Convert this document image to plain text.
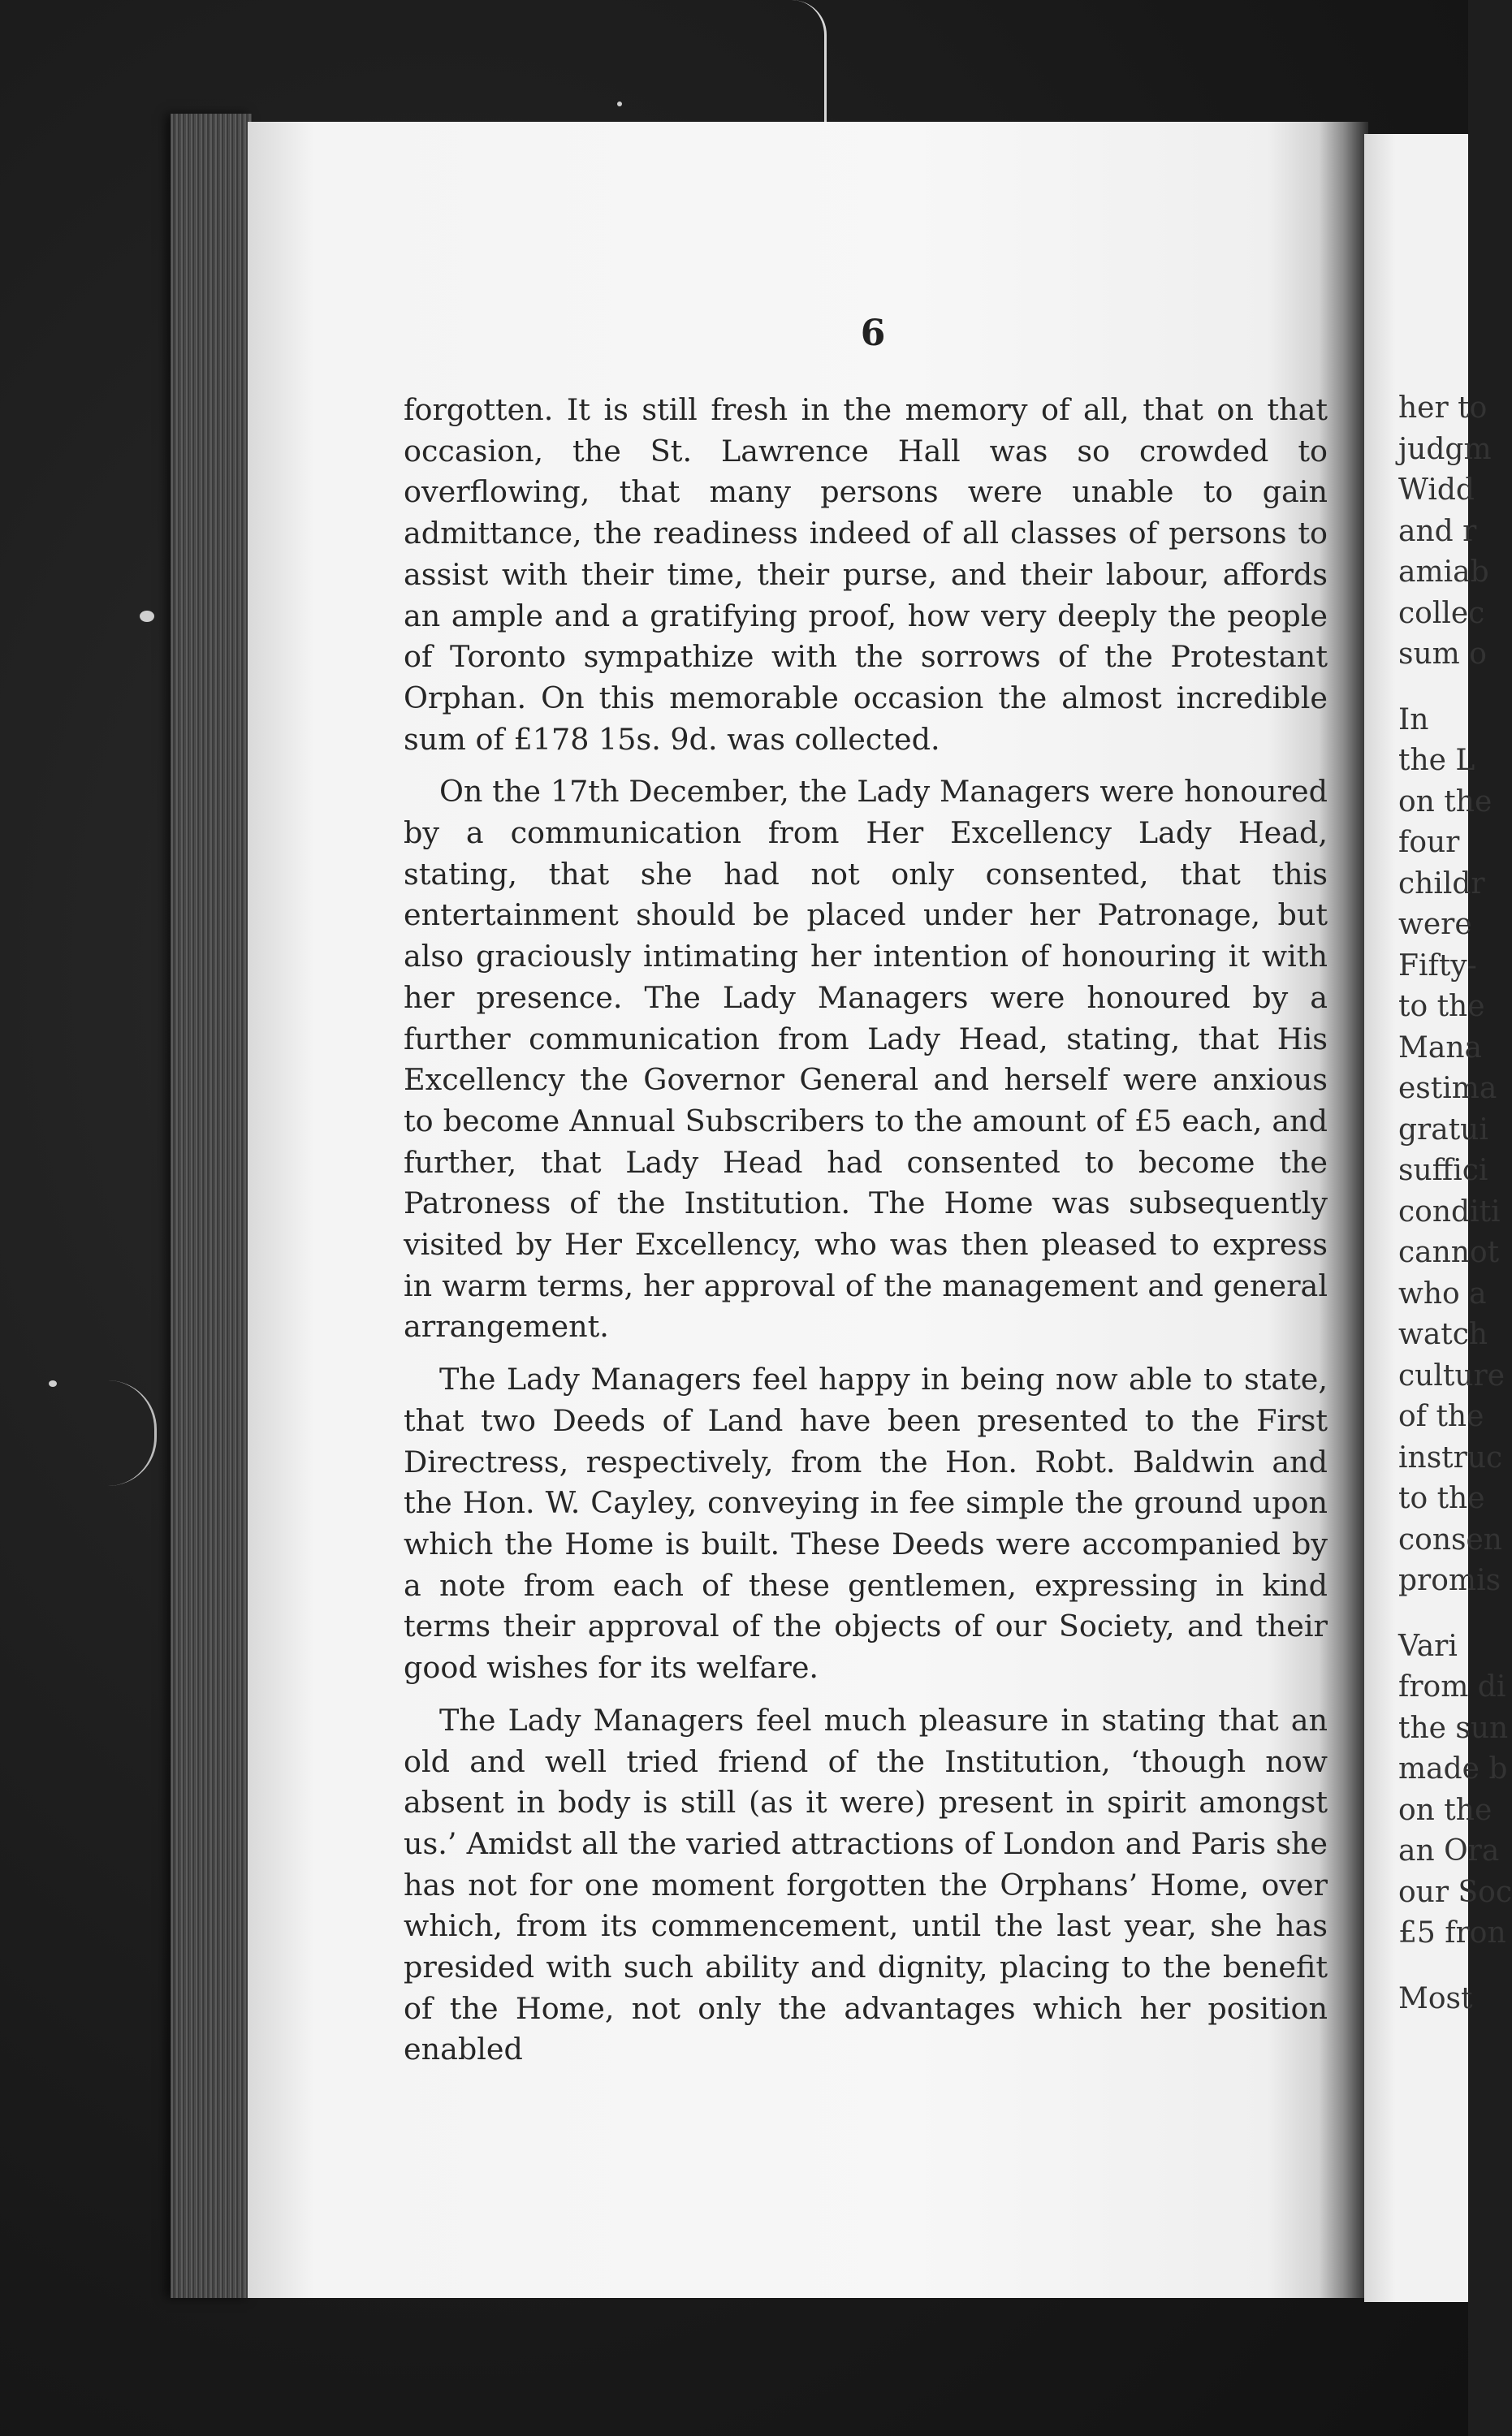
6

forgotten. It is still fresh in the memory of all, that on that occasion, the St. Lawrence Hall was so crowded to overflowing, that many persons were unable to gain admittance, the readiness indeed of all classes of persons to assist with their time, their purse, and their labour, affords an ample and a gratifying proof, how very deeply the people of Toronto sympathize with the sorrows of the Protestant Orphan. On this memorable occasion the almost incredible sum of £178 15s. 9d. was collected.

On the 17th December, the Lady Managers were honoured by a communication from Her Excellency Lady Head, stating, that she had not only consented, that this entertainment should be placed under her Patronage, but also graciously intimating her intention of honouring it with her presence. The Lady Managers were honoured by a further communication from Lady Head, stating, that His Excellency the Governor General and herself were anxious to become Annual Subscribers to the amount of £5 each, and further, that Lady Head had consented to become the Patroness of the Institution. The Home was subsequently visited by Her Excellency, who was then pleased to express in warm terms, her approval of the management and general arrangement.

The Lady Managers feel happy in being now able to state, that two Deeds of Land have been presented to the First Directress, respectively, from the Hon. Robt. Baldwin and the Hon. W. Cayley, conveying in fee simple the ground upon which the Home is built. These Deeds were accompanied by a note from each of these gentlemen, expressing in kind terms their approval of the objects of our Society, and their good wishes for its welfare.

The Lady Managers feel much pleasure in stating that an old and well tried friend of the Institution, ‘though now absent in body is still (as it were) present in spirit amongst us.’ Amidst all the varied attractions of London and Paris she has not for one moment forgotten the Orphans’ Home, over which, from its commencement, until the last year, she has presided with such ability and dignity, placing to the benefit of the Home, not only the advantages which her position enabled

her to
judgm
Widd
and r
amiab
collec
sum o
In
the L
on the
four
childr
were
Fifty-
to the
Mana
estima
gratui
suffici
conditi
cannot
who a
watch
culture
of the
instruc
to the
consen
promis
Vari
from di
the sun
made b
on the
an Ora
our Soc
£5 fron
Most
